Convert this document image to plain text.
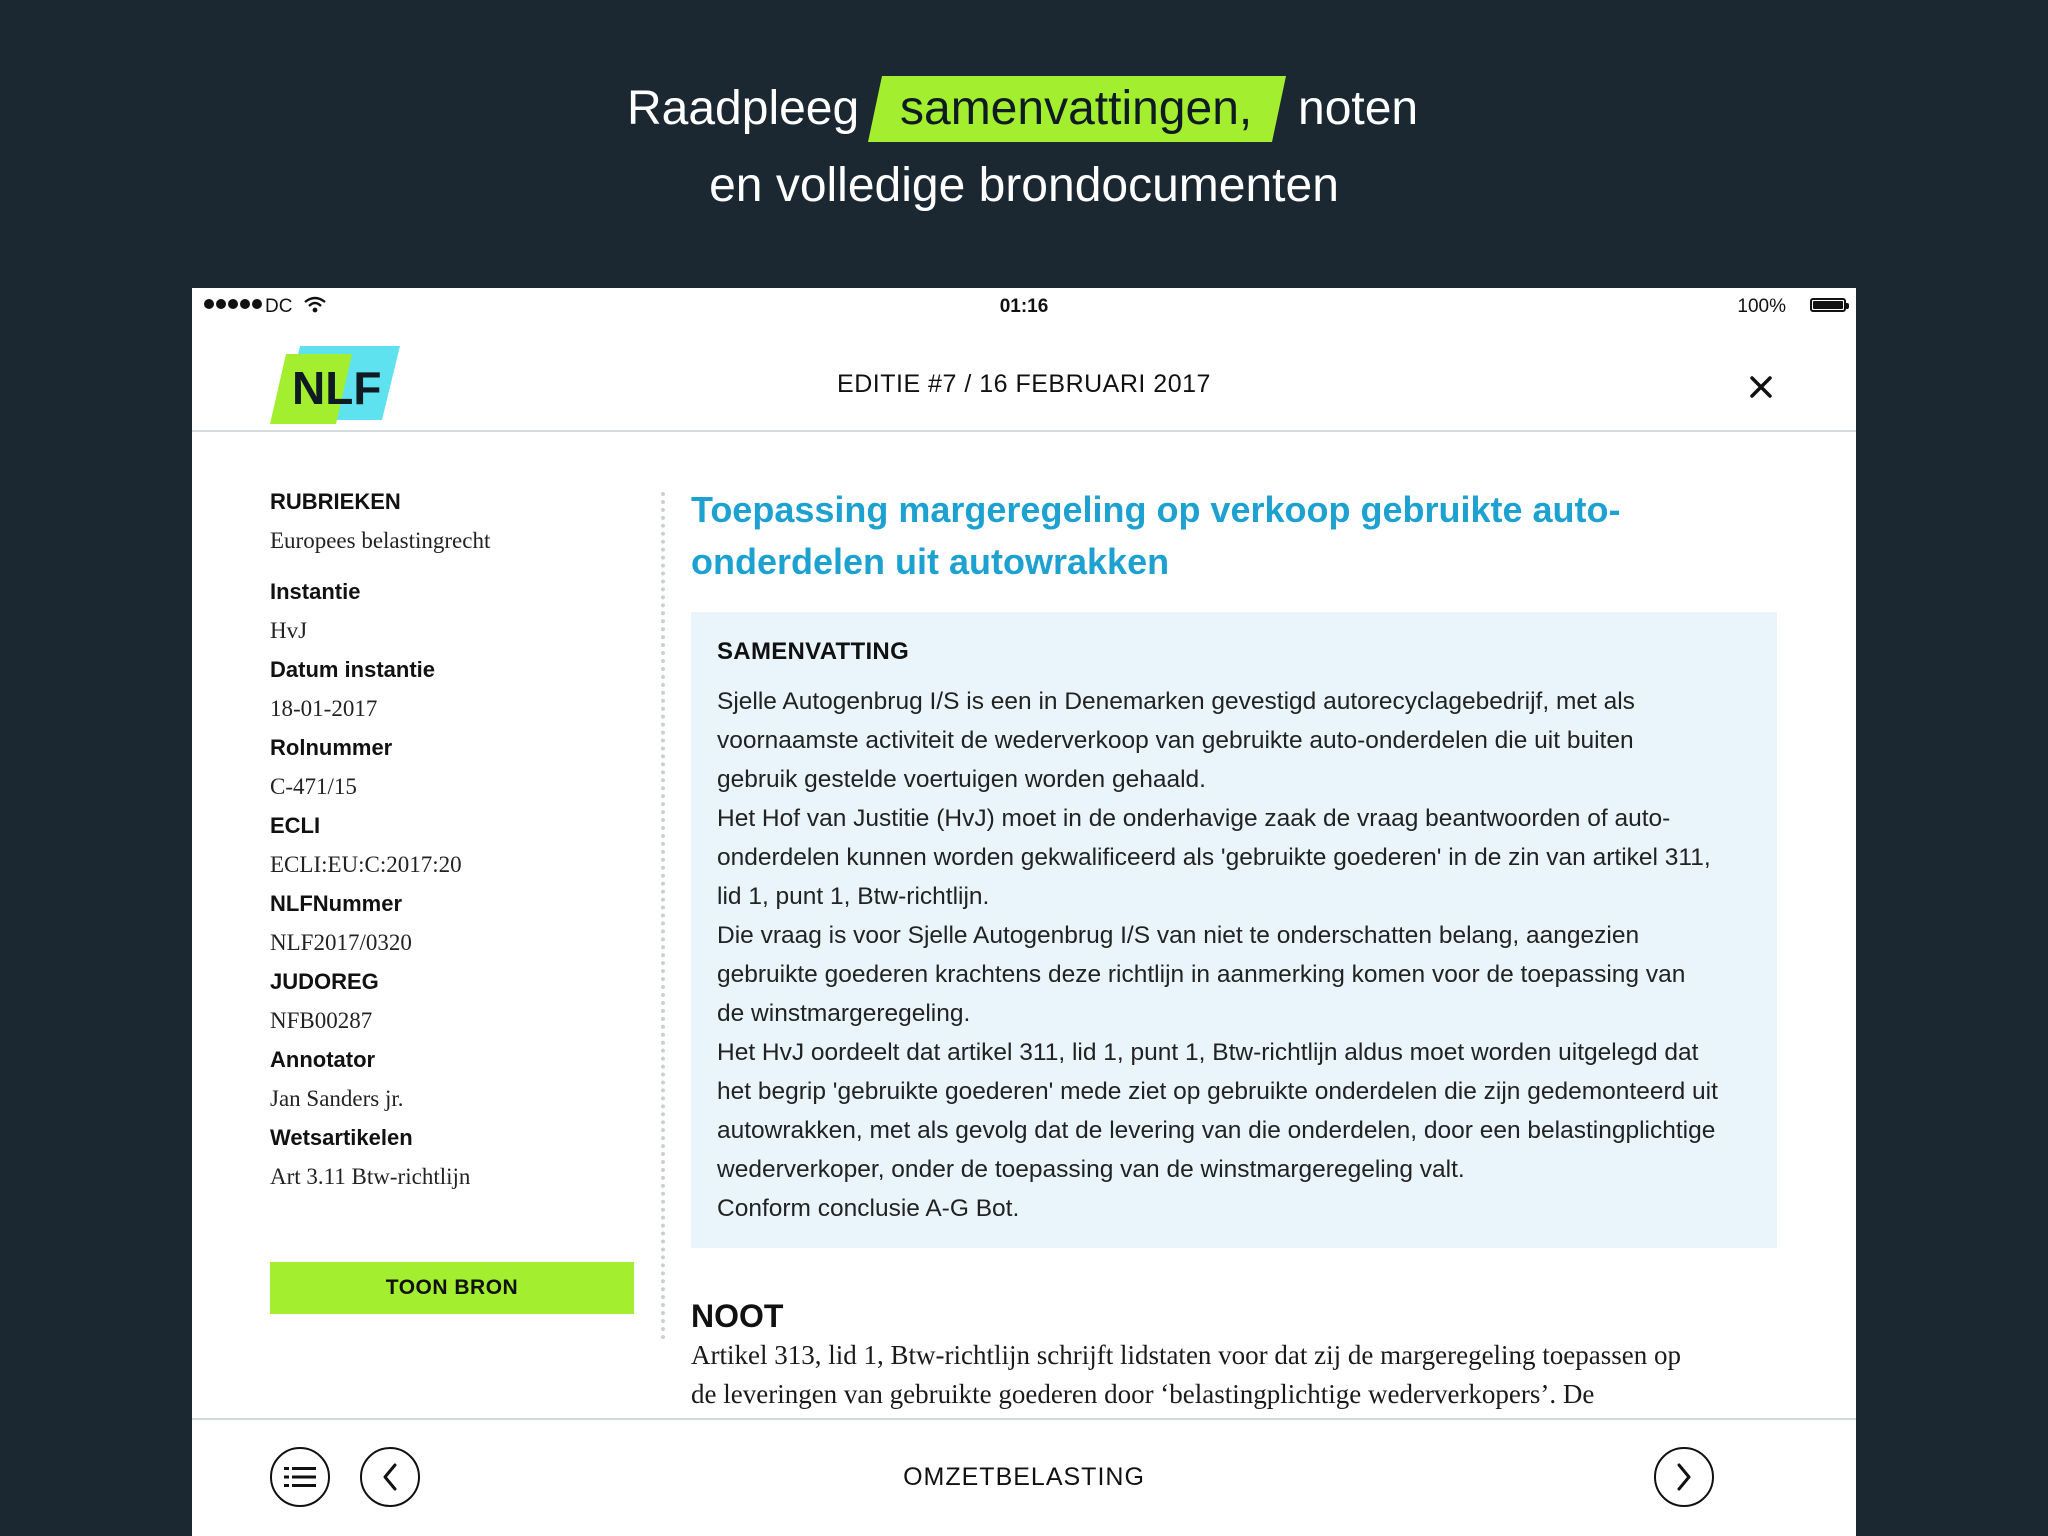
Raadpleeg samenvattingen, noten
en volledige brondocumenten
DC	01:16	100%
NLF	EDITIE #7 / 16 FEBRUARI 2017
RUBRIEKEN
Europees belastingrecht
Instantie
HvJ
Datum instantie
18-01-2017
Rolnummer
C-471/15
ECLI
ECLI:EU:C:2017:20
NLFNummer
NLF2017/0320
JUDOREG
NFB00287
Annotator
Jan Sanders jr.
Wetsartikelen
Art 3.11 Btw-richtlijn
TOON BRON
Toepassing margeregeling op verkoop gebruikte auto-
onderdelen uit autowrakken
SAMENVATTING

Sjelle Autogenbrug I/S is een in Denemarken gevestigd autorecyclagebedrijf, met als
voornaamste activiteit de wederverkoop van gebruikte auto-onderdelen die uit buiten
gebruik gestelde voertuigen worden gehaald.
Het Hof van Justitie (HvJ) moet in de onderhavige zaak de vraag beantwoorden of auto-
onderdelen kunnen worden gekwalificeerd als 'gebruikte goederen' in de zin van artikel 311,
lid 1, punt 1, Btw-richtlijn.
Die vraag is voor Sjelle Autogenbrug I/S van niet te onderschatten belang, aangezien
gebruikte goederen krachtens deze richtlijn in aanmerking komen voor de toepassing van
de winstmargeregeling.
Het HvJ oordeelt dat artikel 311, lid 1, punt 1, Btw-richtlijn aldus moet worden uitgelegd dat
het begrip 'gebruikte goederen' mede ziet op gebruikte onderdelen die zijn gedemonteerd uit
autowrakken, met als gevolg dat de levering van die onderdelen, door een belastingplichtige
wederverkoper, onder de toepassing van de winstmargeregeling valt.
Conform conclusie A-G Bot.

NOOT
Artikel 313, lid 1, Btw-richtlijn schrijft lidstaten voor dat zij de margeregeling toepassen op
de leveringen van gebruikte goederen door ‘belastingplichtige wederverkopers’. De
OMZETBELASTING
